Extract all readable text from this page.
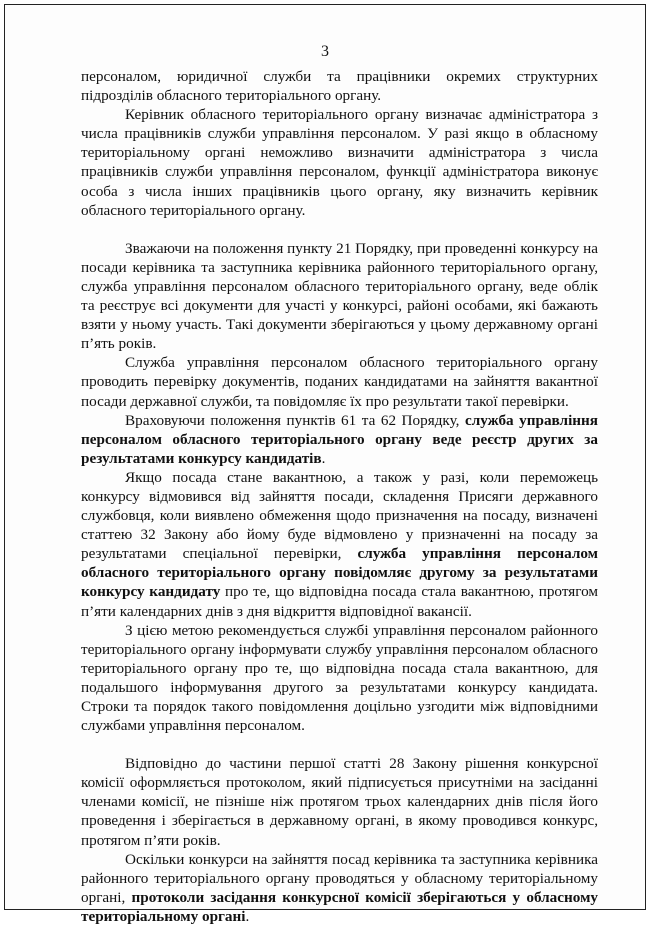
3

персоналом, юридичної служби та працівники окремих структурних підрозділів обласного територіального органу.

Керівник обласного територіального органу визначає адміністратора з числа працівників служби управління персоналом. У разі якщо в обласному територіальному органі неможливо визначити адміністратора з числа працівників служби управління персоналом, функції адміністратора виконує особа з числа інших працівників цього органу, яку визначить керівник обласного територіального органу.

Зважаючи на положення пункту 21 Порядку, при проведенні конкурсу на посади керівника та заступника керівника районного територіального органу, служба управління персоналом обласного територіального органу, веде облік та реєструє всі документи для участі у конкурсі, районі особами, які бажають взяти у ньому участь. Такі документи зберігаються у цьому державному органі п’ять років.

Служба управління персоналом обласного територіального органу проводить перевірку документів, поданих кандидатами на зайняття вакантної посади державної служби, та повідомляє їх про результати такої перевірки.

Враховуючи положення пунктів 61 та 62 Порядку, служба управління персоналом обласного територіального органу веде реєстр других за результатами конкурсу кандидатів.

Якщо посада стане вакантною, а також у разі, коли переможець конкурсу відмовився від зайняття посади, складення Присяги державного службовця, коли виявлено обмеження щодо призначення на посаду, визначені статтею 32 Закону або йому буде відмовлено у призначенні на посаду за результатами спеціальної перевірки, служба управління персоналом обласного територіального органу повідомляє другому за результатами конкурсу кандидату про те, що відповідна посада стала вакантною, протягом п’яти календарних днів з дня відкриття відповідної вакансії.

З цією метою рекомендується службі управління персоналом районного територіального органу інформувати службу управління персоналом обласного територіального органу про те, що відповідна посада стала вакантною, для подальшого інформування другого за результатами конкурсу кандидата. Строки та порядок такого повідомлення доцільно узгодити між відповідними службами управління персоналом.

Відповідно до частини першої статті 28 Закону рішення конкурсної комісії оформляється протоколом, який підписується присутніми на засіданні членами комісії, не пізніше ніж протягом трьох календарних днів після його проведення і зберігається в державному органі, в якому проводився конкурс, протягом п’яти років.

Оскільки конкурси на зайняття посад керівника та заступника керівника районного територіального органу проводяться у обласному територіальному органі, протоколи засідання конкурсної комісії зберігаються у обласному територіальному органі.
